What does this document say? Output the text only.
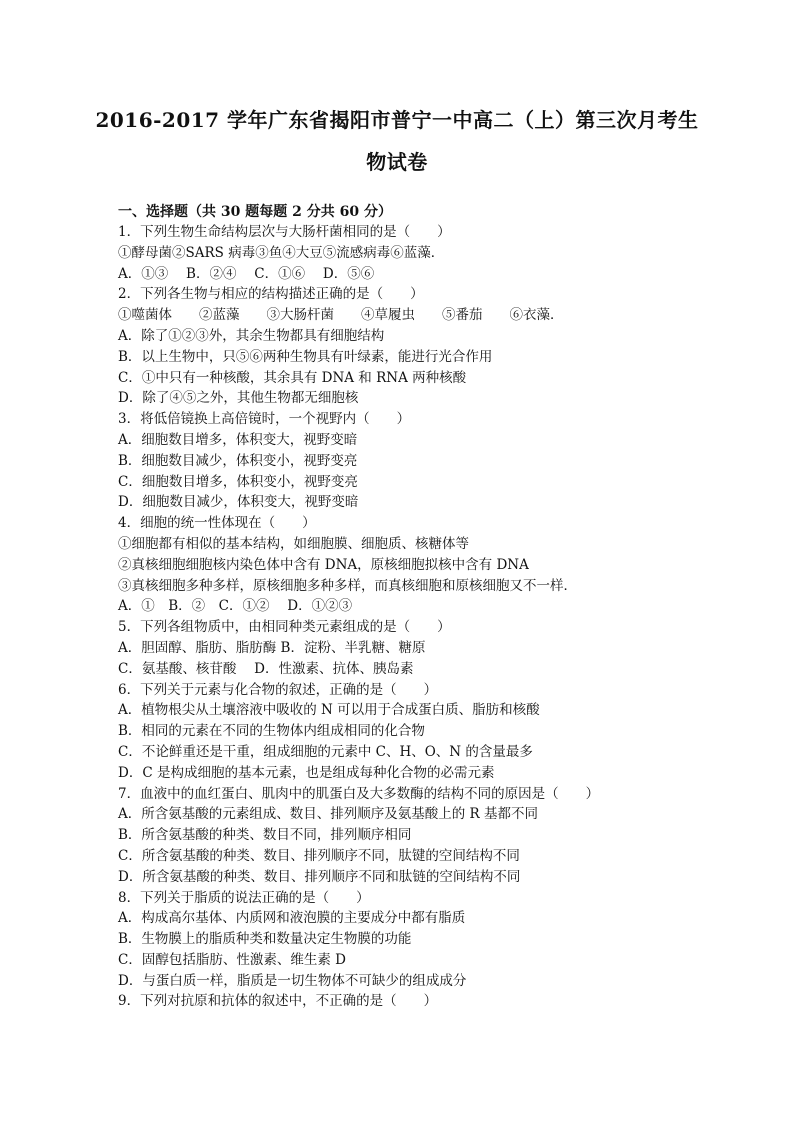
2016-2017 学年广东省揭阳市普宁一中高二（上）第三次月考生
物试卷
一、选择题（共 30 题每题 2 分共 60 分）
1．下列生物生命结构层次与大肠杆菌相同的是（　　）
①酵母菌②SARS 病毒③鱼④大豆⑤流感病毒⑥蓝藻．
A．①③　 B．②④　 C．①⑥　 D．⑤⑥
2．下列各生物与相应的结构描述正确的是（　　）
①噬菌体　　②蓝藻　　③大肠杆菌　　④草履虫　　⑤番茄　　⑥衣藻．
A．除了①②③外，其余生物都具有细胞结构
B．以上生物中，只⑤⑥两种生物具有叶绿素，能进行光合作用
C．①中只有一种核酸，其余具有 DNA 和 RNA 两种核酸
D．除了④⑤之外，其他生物都无细胞核
3．将低倍镜换上高倍镜时，一个视野内（　　）
A．细胞数目增多，体积变大，视野变暗
B．细胞数目减少，体积变小，视野变亮
C．细胞数目增多，体积变小，视野变亮
D．细胞数目减少，体积变大，视野变暗
4．细胞的统一性体现在（　　）
①细胞都有相似的基本结构，如细胞膜、细胞质、核糖体等
②真核细胞细胞核内染色体中含有 DNA，原核细胞拟核中含有 DNA
③真核细胞多种多样，原核细胞多种多样，而真核细胞和原核细胞又不一样．
A．①　B．②　C．①②　 D．①②③
5．下列各组物质中，由相同种类元素组成的是（　　）
A．胆固醇、脂肪、脂肪酶 B．淀粉、半乳糖、糖原
C．氨基酸、核苷酸　 D．性激素、抗体、胰岛素
6．下列关于元素与化合物的叙述，正确的是（　　）
A．植物根尖从土壤溶液中吸收的 N 可以用于合成蛋白质、脂肪和核酸
B．相同的元素在不同的生物体内组成相同的化合物
C．不论鲜重还是干重，组成细胞的元素中 C、H、O、N 的含量最多
D．C 是构成细胞的基本元素，也是组成每种化合物的必需元素
7．血液中的血红蛋白、肌肉中的肌蛋白及大多数酶的结构不同的原因是（　　）
A．所含氨基酸的元素组成、数目、排列顺序及氨基酸上的 R 基都不同
B．所含氨基酸的种类、数目不同，排列顺序相同
C．所含氨基酸的种类、数目、排列顺序不同，肽键的空间结构不同
D．所含氨基酸的种类、数目、排列顺序不同和肽链的空间结构不同
8．下列关于脂质的说法正确的是（　　）
A．构成高尔基体、内质网和液泡膜的主要成分中都有脂质
B．生物膜上的脂质种类和数量决定生物膜的功能
C．固醇包括脂肪、性激素、维生素 D
D．与蛋白质一样，脂质是一切生物体不可缺少的组成成分
9．下列对抗原和抗体的叙述中，不正确的是（　　）
